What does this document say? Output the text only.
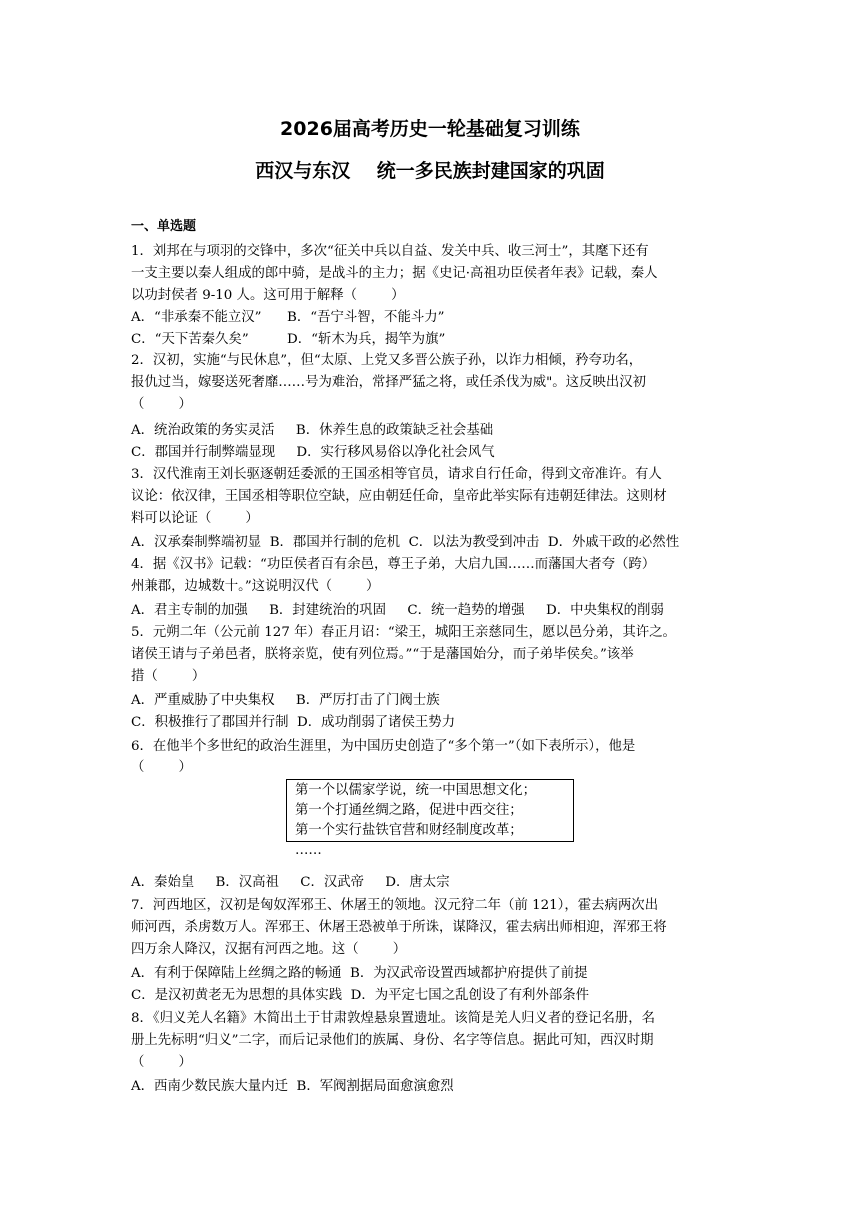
2026届高考历史一轮基础复习训练
西汉与东汉    统一多民族封建国家的巩固
一、单选题
1．刘邦在与项羽的交锋中，多次“征关中兵以自益、发关中兵、收三河士”，其麾下还有
一支主要以秦人组成的郎中骑，是战斗的主力；据《史记·高祖功臣侯者年表》记载，秦人
以功封侯者 9-10 人。这可用于解释（        ）
A．“非承秦不能立汉”      B．“吾宁斗智，不能斗力”
C．“天下苦秦久矣”         D．“斩木为兵，揭竿为旗”
2．汉初，实施“与民休息”，但“太原、上党又多晋公族子孙，以诈力相倾，矜夸功名，
报仇过当，嫁娶送死奢靡……号为难治，常择严猛之将，或任杀伐为威"。这反映出汉初
（        ）
A．统治政策的务实灵活     B．休养生息的政策缺乏社会基础
C．郡国并行制弊端显现     D．实行移风易俗以净化社会风气
3．汉代淮南王刘长驱逐朝廷委派的王国丞相等官员，请求自行任命，得到文帝准许。有人
议论：依汉律，王国丞相等职位空缺，应由朝廷任命，皇帝此举实际有违朝廷律法。这则材
料可以论证（        ）
A．汉承秦制弊端初显  B．郡国并行制的危机  C．以法为教受到冲击  D．外戚干政的必然性
4．据《汉书》记载：“功臣侯者百有余邑，尊王子弟，大启九国……而藩国大者夸（跨）
州兼郡，边城数十。”这说明汉代（        ）
A．君主专制的加强     B．封建统治的巩固     C．统一趋势的增强     D．中央集权的削弱
5．元朔二年（公元前 127 年）春正月诏：“梁王，城阳王亲慈同生，愿以邑分弟，其许之。
诸侯王请与子弟邑者，朕将亲览，使有列位焉。”“于是藩国始分，而子弟毕侯矣。”该举
措（        ）
A．严重威胁了中央集权     B．严厉打击了门阀士族
C．积极推行了郡国并行制  D．成功削弱了诸侯王势力
6．在他半个多世纪的政治生涯里，为中国历史创造了“多个第一”（如下表所示），他是
（        ）
第一个以儒家学说，统一中国思想文化；
第一个打通丝绸之路，促进中西交往；
第一个实行盐铁官营和财经制度改革；
……
A．秦始皇     B．汉高祖     C．汉武帝     D．唐太宗
7．河西地区，汉初是匈奴浑邪王、休屠王的领地。汉元狩二年（前 121），霍去病两次出
师河西，杀虏数万人。浑邪王、休屠王恐被单于所诛，谋降汉，霍去病出师相迎，浑邪王将
四万余人降汉，汉据有河西之地。这（        ）
A．有利于保障陆上丝绸之路的畅通  B．为汉武帝设置西域都护府提供了前提
C．是汉初黄老无为思想的具体实践  D．为平定七国之乱创设了有利外部条件
8．《归义羌人名籍》木简出土于甘肃敦煌悬泉置遗址。该简是羌人归义者的登记名册，名
册上先标明“归义”二字，而后记录他们的族属、身份、名字等信息。据此可知，西汉时期
（        ）
A．西南少数民族大量内迁  B．军阀割据局面愈演愈烈
